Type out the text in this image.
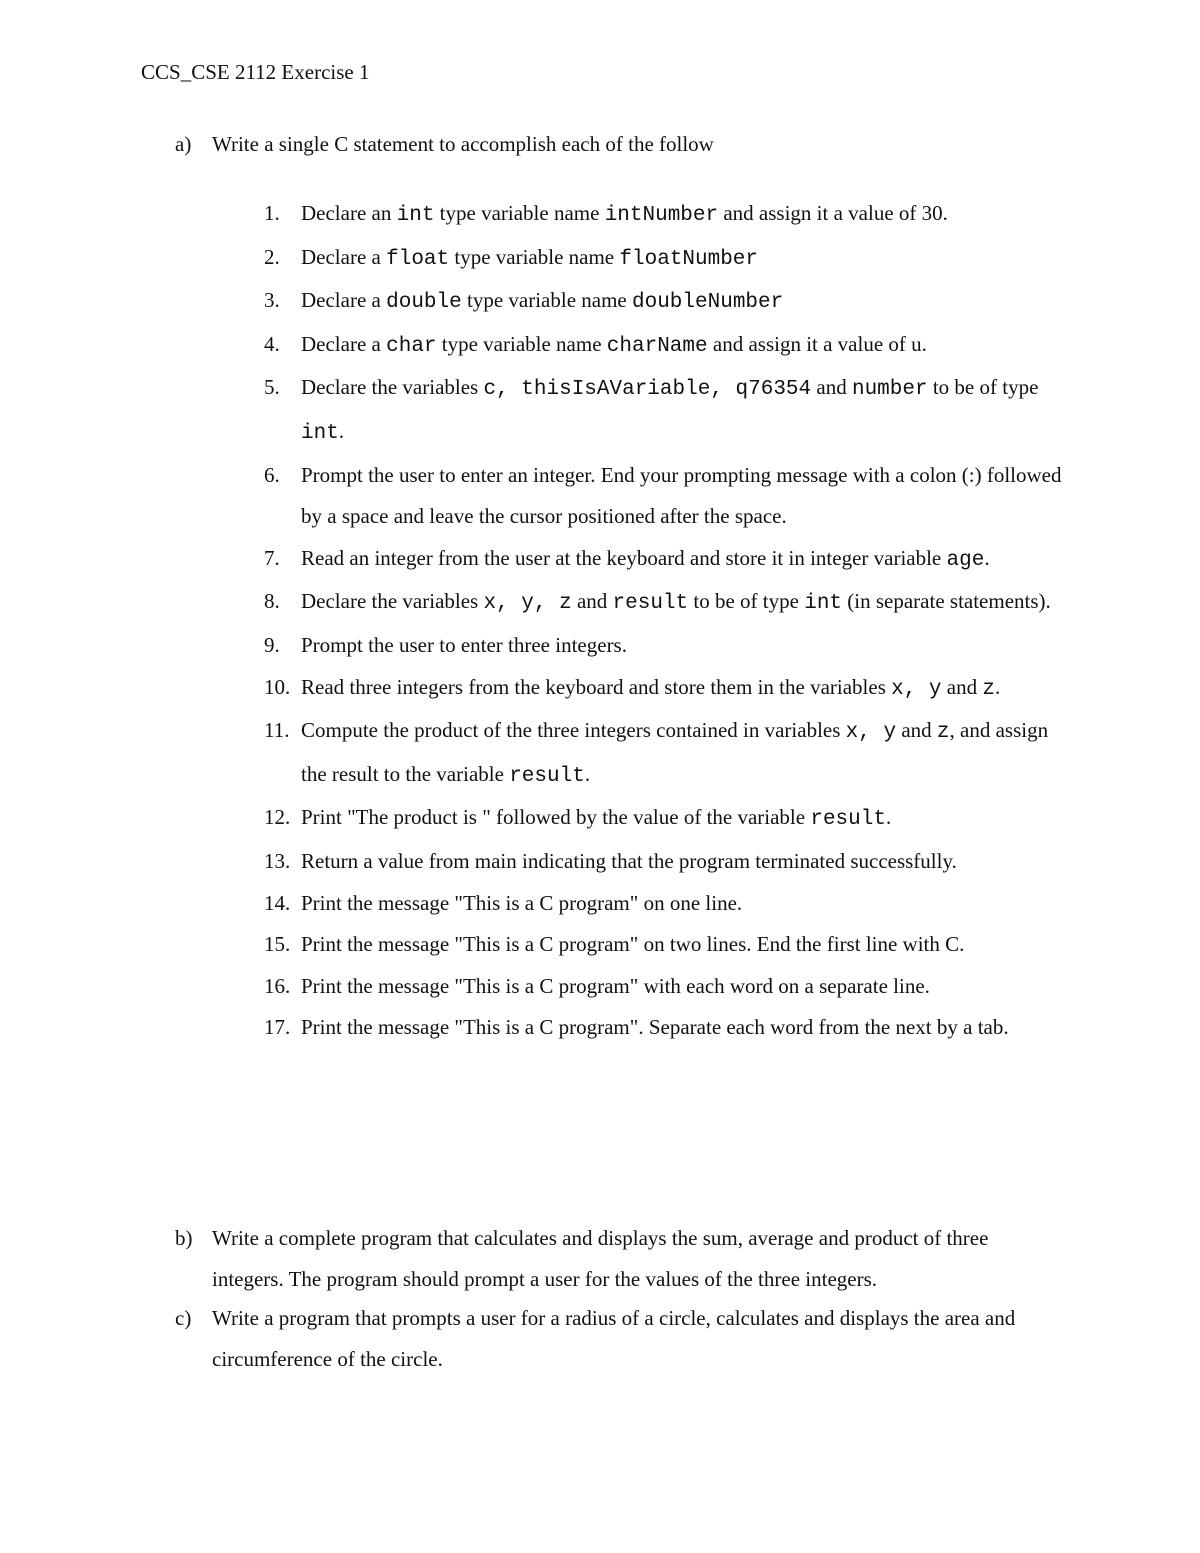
CCS_CSE 2112 Exercise 1
a) Write a single C statement to accomplish each of the follow
1. Declare an int type variable name intNumber and assign it a value of 30.
2. Declare a float type variable name floatNumber
3. Declare a double type variable name doubleNumber
4. Declare a char type variable name charName and assign it a value of u.
5. Declare the variables c, thisIsAVariable, q76354 and number to be of type int.
6. Prompt the user to enter an integer. End your prompting message with a colon (:) followed by a space and leave the cursor positioned after the space.
7. Read an integer from the user at the keyboard and store it in integer variable age.
8. Declare the variables x, y, z and result to be of type int (in separate statements).
9. Prompt the user to enter three integers.
10. Read three integers from the keyboard and store them in the variables x, y and z.
11. Compute the product of the three integers contained in variables x, y and z, and assign the result to the variable result.
12. Print "The product is " followed by the value of the variable result.
13. Return a value from main indicating that the program terminated successfully.
14. Print the message "This is a C program" on one line.
15. Print the message "This is a C program" on two lines. End the first line with C.
16. Print the message "This is a C program" with each word on a separate line.
17. Print the message "This is a C program". Separate each word from the next by a tab.
b) Write a complete program that calculates and displays the sum, average and product of three integers. The program should prompt a user for the values of the three integers.
c) Write a program that prompts a user for a radius of a circle, calculates and displays the area and circumference of the circle.
